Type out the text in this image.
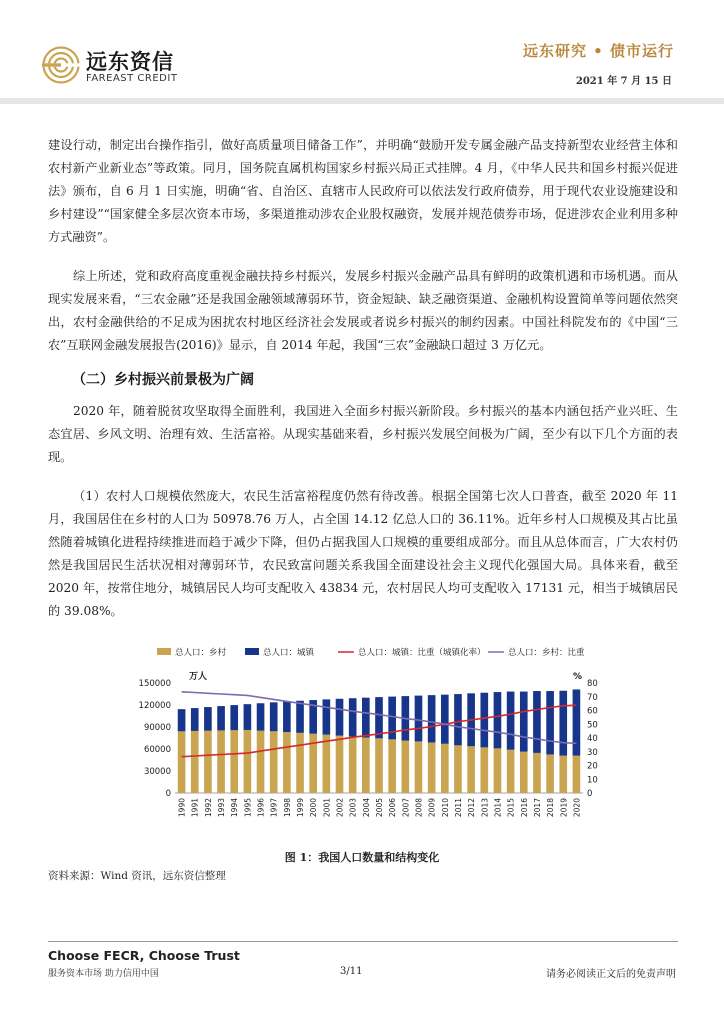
远东资信
FAREAST CREDIT
远东研究 • 债市运行
2021 年 7 月 15 日

建设行动，制定出台操作指引，做好高质量项目储备工作”，并明确“鼓励开发专属金融产品支持新型农业经营主体和农村新产业新业态”等政策。同月，国务院直属机构国家乡村振兴局正式挂牌。4 月，《中华人民共和国乡村振兴促进法》颁布，自 6 月 1 日实施，明确“省、自治区、直辖市人民政府可以依法发行政府债券，用于现代农业设施建设和乡村建设”“国家健全多层次资本市场，多渠道推动涉农企业股权融资，发展并规范债券市场，促进涉农企业利用多种方式融资”。

综上所述，党和政府高度重视金融扶持乡村振兴，发展乡村振兴金融产品具有鲜明的政策机遇和市场机遇。而从现实发展来看，“三农金融”还是我国金融领域薄弱环节，资金短缺、缺乏融资渠道、金融机构设置简单等问题依然突出，农村金融供给的不足成为困扰农村地区经济社会发展或者说乡村振兴的制约因素。中国社科院发布的《中国“三农”互联网金融发展报告(2016)》显示，自 2014 年起，我国“三农”金融缺口超过 3 万亿元。

（二）乡村振兴前景极为广阔

2020 年，随着脱贫攻坚取得全面胜利，我国进入全面乡村振兴新阶段。乡村振兴的基本内涵包括产业兴旺、生态宜居、乡风文明、治理有效、生活富裕。从现实基础来看，乡村振兴发展空间极为广阔，至少有以下几个方面的表现。

（1）农村人口规模依然庞大，农民生活富裕程度仍然有待改善。根据全国第七次人口普查，截至 2020 年 11 月，我国居住在乡村的人口为 50978.76 万人，占全国 14.12 亿总人口的 36.11%。近年乡村人口规模及其占比虽然随着城镇化进程持续推进而趋于减少下降，但仍占据我国人口规模的重要组成部分。而且从总体而言，广大农村仍然是我国居民生活状况相对薄弱环节，农民致富问题关系我国全面建设社会主义现代化强国大局。具体来看，截至 2020 年，按常住地分，城镇居民人均可支配收入 43834 元，农村居民人均可支配收入 17131 元，相当于城镇居民的 39.08%。

总人口：乡村	总人口：城镇	总人口：城镇：比重（城镇化率）	总人口：乡村：比重
万人	%
0
30000
60000
90000
120000
150000
0
10
20
30
40
50
60
70
80
1990 1991 1992 1993 1994 1995 1996 1997 1998 1999 2000 2001 2002 2003 2004 2005 2006 2007 2008 2009 2010 2011 2012 2013 2014 2015 2016 2017 2018 2019 2020
图 1：我国人口数量和结构变化
资料来源：Wind 资讯，远东资信整理
Choose FECR, Choose Trust
服务资本市场 助力信用中国	3/11	请务必阅读正文后的免责声明
